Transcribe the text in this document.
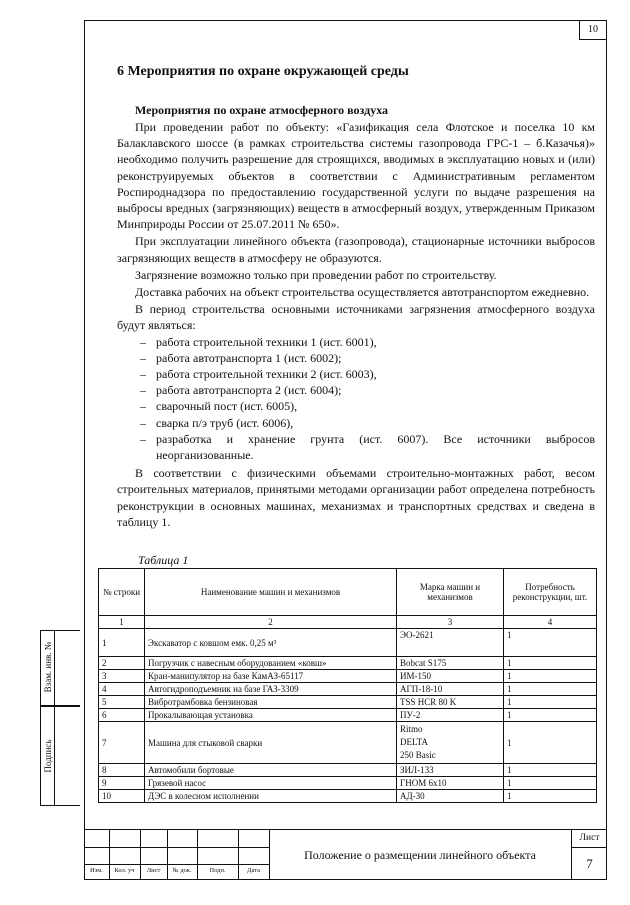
10
6 Мероприятия по охране окружающей среды
Мероприятия по охране атмосферного воздуха

При проведении работ по объекту: «Газификация села Флотское и поселка 10 км Балаклавского шоссе (в рамках строительства системы газопровода ГРС-1 – б.Казачья)» необходимо получить разрешение для строящихся, вводимых в эксплуатацию новых и (или) реконструируемых объектов в соответствии с Административным регламентом Роспироднадзора по предоставлению государственной услуги по выдаче разрешения на выбросы вредных (загрязняющих) веществ в атмосферный воздух, утвержденным Приказом Минприроды России от 25.07.2011 № 650».

При эксплуатации линейного объекта (газопровода), стационарные источники выбросов загрязняющих веществ в атмосферу не образуются.

Загрязнение возможно только при проведении работ по строительству.

Доставка рабочих на объект строительства осуществляется автотранспортом ежедневно.

В период строительства основными источниками загрязнения атмосферного воздуха будут являться:

– работа строительной техники 1 (ист. 6001),
– работа автотранспорта 1 (ист. 6002);
– работа строительной техники 2 (ист. 6003),
– работа автотранспорта 2 (ист. 6004);
– сварочный пост (ист. 6005),
– сварка п/э труб (ист. 6006),
– разработка и хранение грунта (ист. 6007). Все источники выбросов неорганизованные.

В соответствии с физическими объемами строительно-монтажных работ, весом строительных материалов, принятыми методами организации работ определена потребность реконструкции в основных машинах, механизмах и транспортных средствах и сведена в таблицу 1.

Таблица 1
№ строки	Наименование машин и механизмов	Марка машин и механизмов	Потребность реконструкции, шт.
1	2	3	4
1	Экскаватор с ковшом емк. 0,25 м³	ЭО-2621	1
2	Погрузчик с навесным оборудованием «ковш»	Bobcat S175	1
3	Кран-манипулятор на базе КамАЗ-65117	ИМ-150	1
4	Автогидроподъемник на базе ГАЗ-3309	АГП-18-10	1
5	Вибротрамбовка бензиновая	TSS HCR 80 K	1
6	Прокалывающая установка	ПУ-2	1
7	Машина для стыковой сварки	Ritmo
DELTA
250 Basic	1
8	Автомобили бортовые	ЗИЛ-133	1
9	Грязевой насос	ГНОМ 6х10	1
10	ДЭС в колесном исполнении	АД-30	1
Взам. инв. №
Подпись
Изм.	Кол. уч	Лист	№ док.	Подп.	Дата
Положение о размещении линейного объекта
Лист
7
